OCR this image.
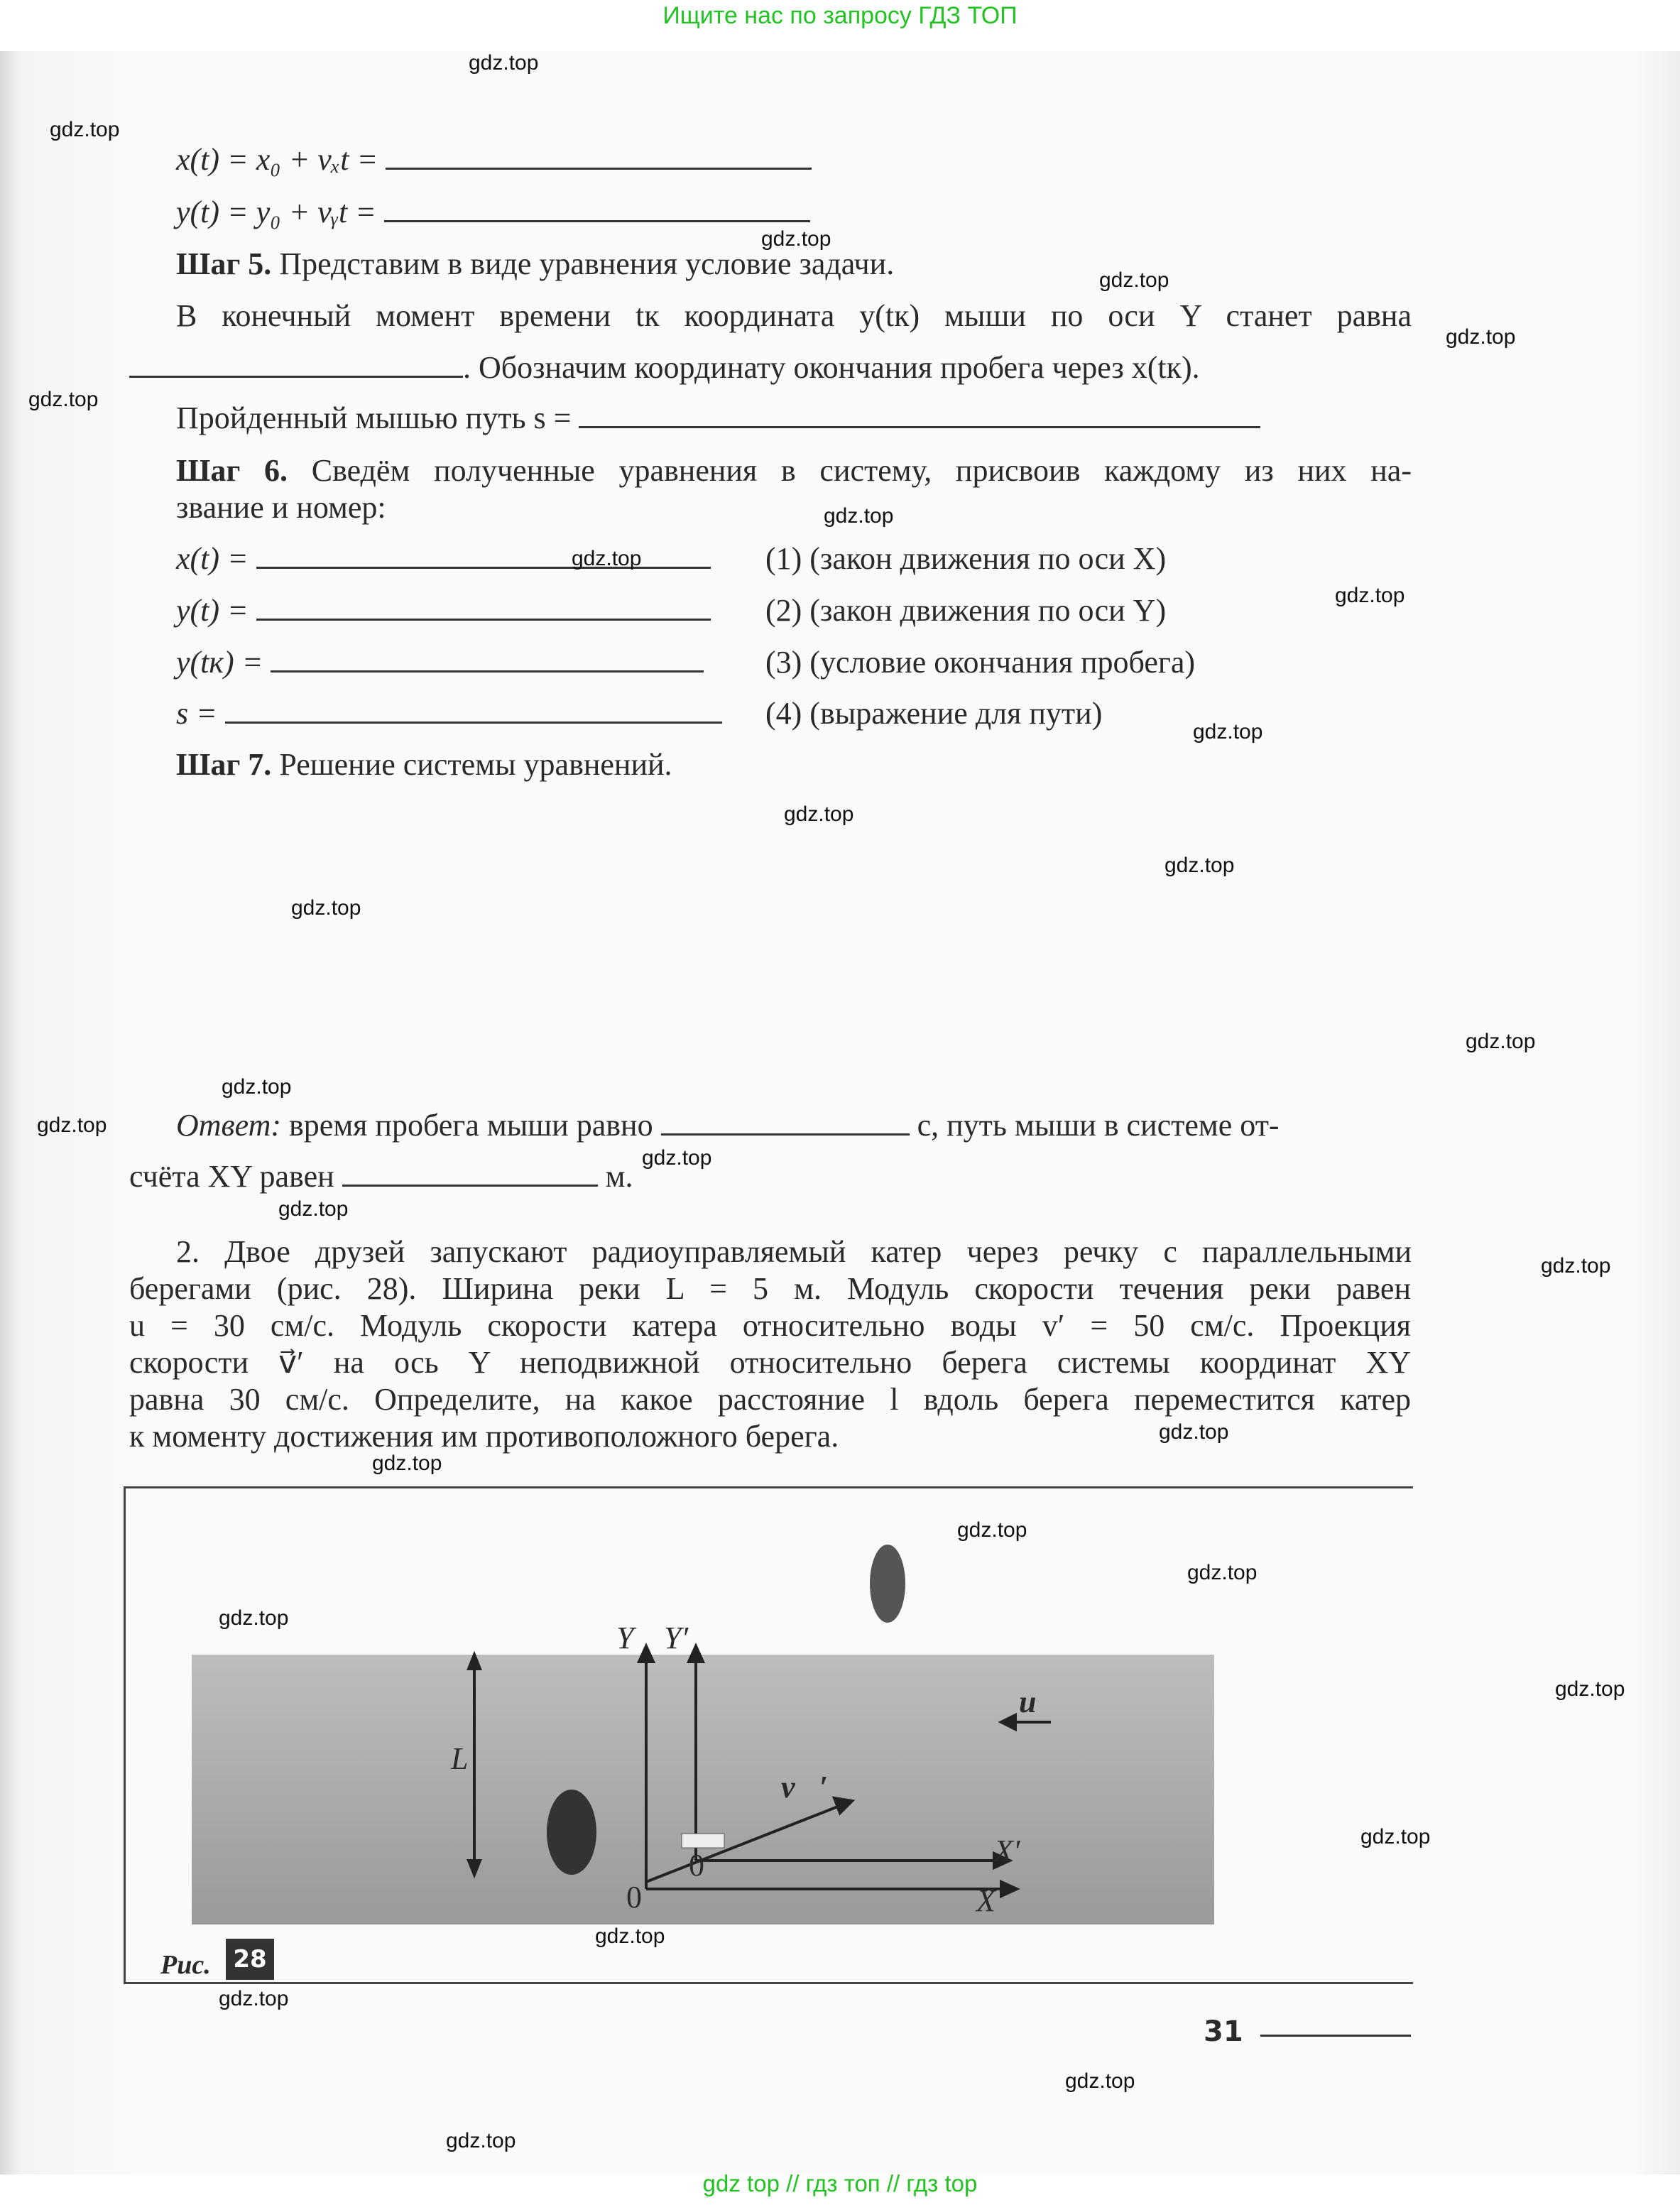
Ищите нас по запросу ГДЗ ТОП
x(t) = x₀ + vₓt =
y(t) = y₀ + vᵧt =
Шаг 5. Представим в виде уравнения условие задачи.
В конечный момент времени tк координата y(tк) мыши по оси Y станет равна
. Обозначим координату окончания пробега через x(tк).
Пройденный мышью путь s =
Шаг 6. Сведём полученные уравнения в систему, присвоив каждому из них на-
звание и номер:
x(t) =	(1) (закон движения по оси X)
y(t) =	(2) (закон движения по оси Y)
y(tк) =	(3) (условие окончания пробега)
s =	(4) (выражение для пути)
Шаг 7. Решение системы уравнений.
Ответ: время пробега мыши равно	с, путь мыши в системе от-
счёта XY равен	м.
2. Двое друзей запускают радиоуправляемый катер через речку с параллельными
берегами (рис. 28). Ширина реки L = 5 м. Модуль скорости течения реки равен
u = 30 см/с. Модуль скорости катера относительно воды v′ = 50 см/с. Проекция
скорости v⃗′ на ось Y неподвижной относительно берега системы координат XY
равна 30 см/с. Определите, на какое расстояние l вдоль берега переместится катер
к моменту достижения им противоположного берега.
L
Y Y′
X
X′
u⃗
v⃗′
0
0
Рис. 28
31
gdz.top
gdz.top
gdz.top
gdz.top
gdz.top
gdz.top
gdz.top
gdz.top
gdz.top
gdz.top
gdz.top
gdz.top
gdz.top
gdz.top
gdz.top
gdz.top
gdz.top
gdz.top
gdz.top
gdz.top
gdz.top
gdz.top
gdz.top
gdz.top
gdz.top
gdz.top
gdz.top
gdz.top
gdz.top
gdz.top
gdz top // гдз топ // гдз top
